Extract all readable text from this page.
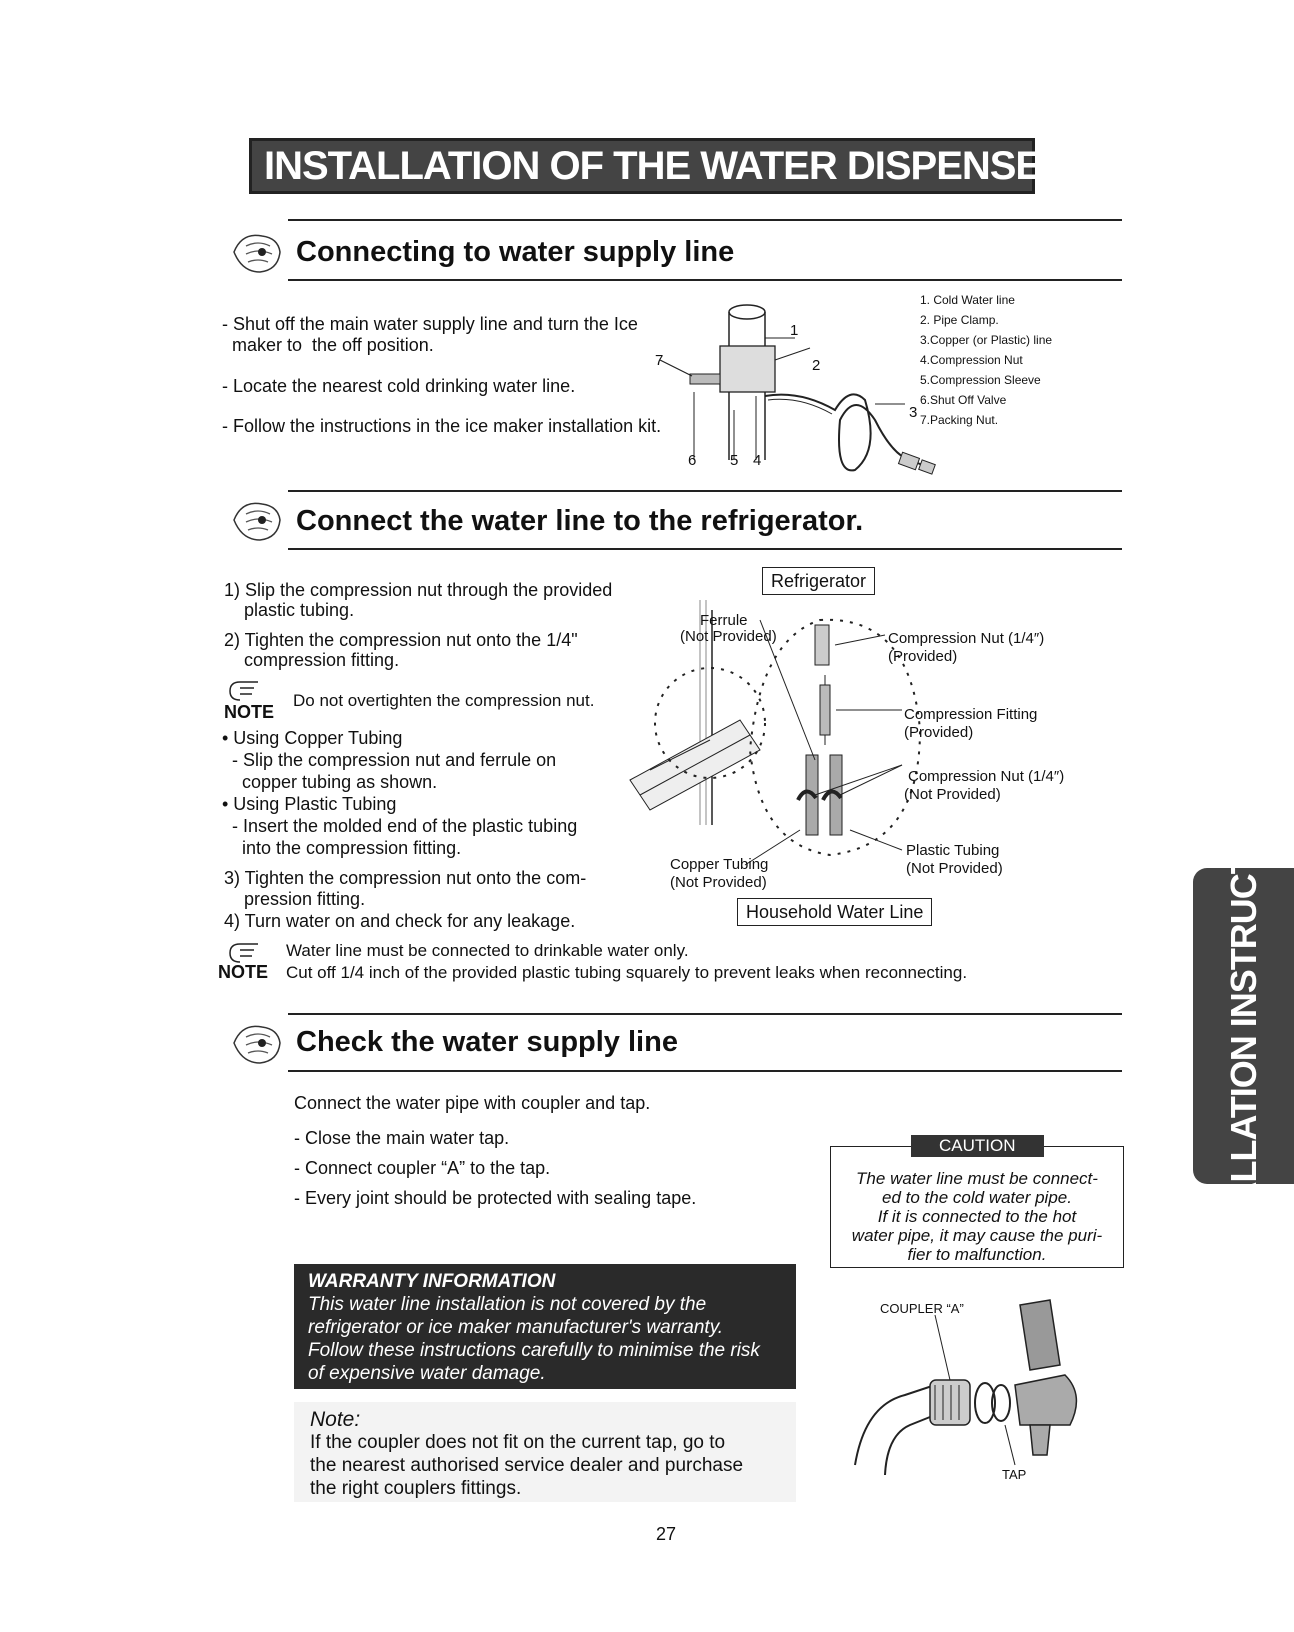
INSTALLATION OF THE WATER DISPENSER LINE
Connecting to water supply line
- Shut off the main water supply line and turn the Ice
maker to  the off position.
- Locate the nearest cold drinking water line.
- Follow the instructions in the ice maker installation kit.
1
2
3
4
5
6
7
1. Cold Water line
2. Pipe Clamp.
3.Copper (or Plastic) line
4.Compression Nut
5.Compression Sleeve
6.Shut Off Valve
7.Packing Nut.
Connect the water line to the refrigerator.
1) Slip the compression nut through the provided
plastic tubing.
2) Tighten the compression nut onto the 1/4"
compression fitting.
NOTE
Do not overtighten the compression nut.
• Using Copper Tubing
- Slip the compression nut and ferrule on
copper tubing as shown.
• Using Plastic Tubing
- Insert the molded end of the plastic tubing
into the compression fitting.
3) Tighten the compression nut onto the com-
pression fitting.
4) Turn water on and check for any leakage.
Refrigerator
Household Water Line
Ferrule
(Not Provided)	Compression Nut (1/4″)
(Provided)
Compression Fitting
(Provided)
Compression Nut (1/4″)
(Not Provided)
Plastic Tubing
(Not Provided)
Copper Tubing
(Not Provided)
NOTE
Water line must be connected to drinkable water only.
Cut off 1/4 inch of the provided plastic tubing squarely to prevent leaks when reconnecting.
Check the water supply line
Connect the water pipe with coupler and tap.
- Close the main water tap.
- Connect coupler “A” to the tap.
- Every joint should be protected with sealing tape.
WARRANTY INFORMATION
This water line installation is not covered by the
refrigerator or ice maker manufacturer's warranty.
Follow these instructions carefully to minimise the risk
of expensive water damage.
Note:
If the coupler does not fit on the current tap, go to
the nearest authorised service dealer and purchase
the right couplers fittings.
CAUTION
The water line must be connect-
ed to the cold water pipe.
If it is connected to the hot
water pipe, it may cause the puri-
fier to malfunction.
COUPLER “A”
TAP
INSTALLATION INSTRUCTIONS
27
